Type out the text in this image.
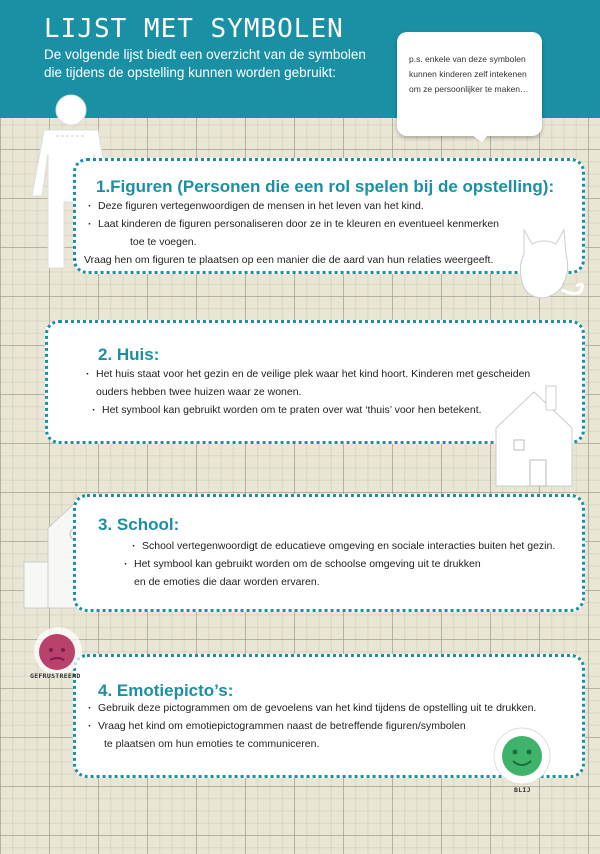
LIJST MET SYMBOLEN

De volgende lijst biedt een overzicht van de symbolen die tijdens de opstelling kunnen worden gebruikt:

p.s. enkele van deze symbolen kunnen kinderen zelf intekenen om ze persoonlijker te maken…

1.Figuren (Personen die een rol spelen bij de opstelling):
· Deze figuren vertegenwoordigen de mensen in het leven van het kind.
· Laat kinderen de figuren personaliseren door ze in te kleuren en eventueel kenmerken
toe te voegen.
· Vraag hen om figuren te plaatsen op een manier die de aard van hun relaties weergeeft.
2. Huis:
· Het huis staat voor het gezin en de veilige plek waar het kind hoort. Kinderen met gescheiden
ouders hebben twee huizen waar ze wonen.
· Het symbool kan gebruikt worden om te praten over wat ‘thuis’ voor hen betekent.
3. School:
· School vertegenwoordigt de educatieve omgeving en sociale interacties buiten het gezin.
· Het symbool kan gebruikt worden om de schoolse omgeving uit te drukken
en de emoties die daar worden ervaren.
4. Emotiepicto’s:
· Gebruik deze pictogrammen om de gevoelens van het kind tijdens de opstelling uit te drukken.
· Vraag het kind om emotiepictogrammen naast de betreffende figuren/symbolen
te plaatsen om hun emoties te communiceren.
GEFRUSTREERD
BLIJ
